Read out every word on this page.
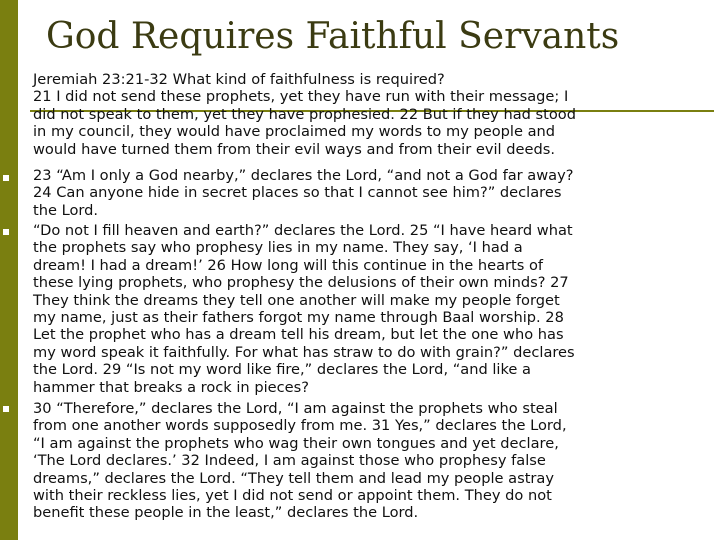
God Requires Faithful Servants
Jeremiah 23:21-32 What kind of faithfulness is required?
21 I did not send these prophets, yet they have run with their message; I
did not speak to them, yet they have prophesied. 22 But if they had stood
in my council, they would have proclaimed my words to my people and
would have turned them from their evil ways and from their evil deeds.
23 “Am I only a God nearby,” declares the Lord, “and not a God far away?
24 Can anyone hide in secret places so that I cannot see him?” declares
the Lord.
“Do not I fill heaven and earth?” declares the Lord. 25 “I have heard what
the prophets say who prophesy lies in my name. They say, ‘I had a
dream! I had a dream!’ 26 How long will this continue in the hearts of
these lying prophets, who prophesy the delusions of their own minds? 27
They think the dreams they tell one another will make my people forget
my name, just as their fathers forgot my name through Baal worship. 28
Let the prophet who has a dream tell his dream, but let the one who has
my word speak it faithfully. For what has straw to do with grain?” declares
the Lord. 29 “Is not my word like fire,” declares the Lord, “and like a
hammer that breaks a rock in pieces?
30 “Therefore,” declares the Lord, “I am against the prophets who steal
from one another words supposedly from me. 31 Yes,” declares the Lord,
“I am against the prophets who wag their own tongues and yet declare,
‘The Lord declares.’ 32 Indeed, I am against those who prophesy false
dreams,” declares the Lord. “They tell them and lead my people astray
with their reckless lies, yet I did not send or appoint them. They do not
benefit these people in the least,” declares the Lord.
